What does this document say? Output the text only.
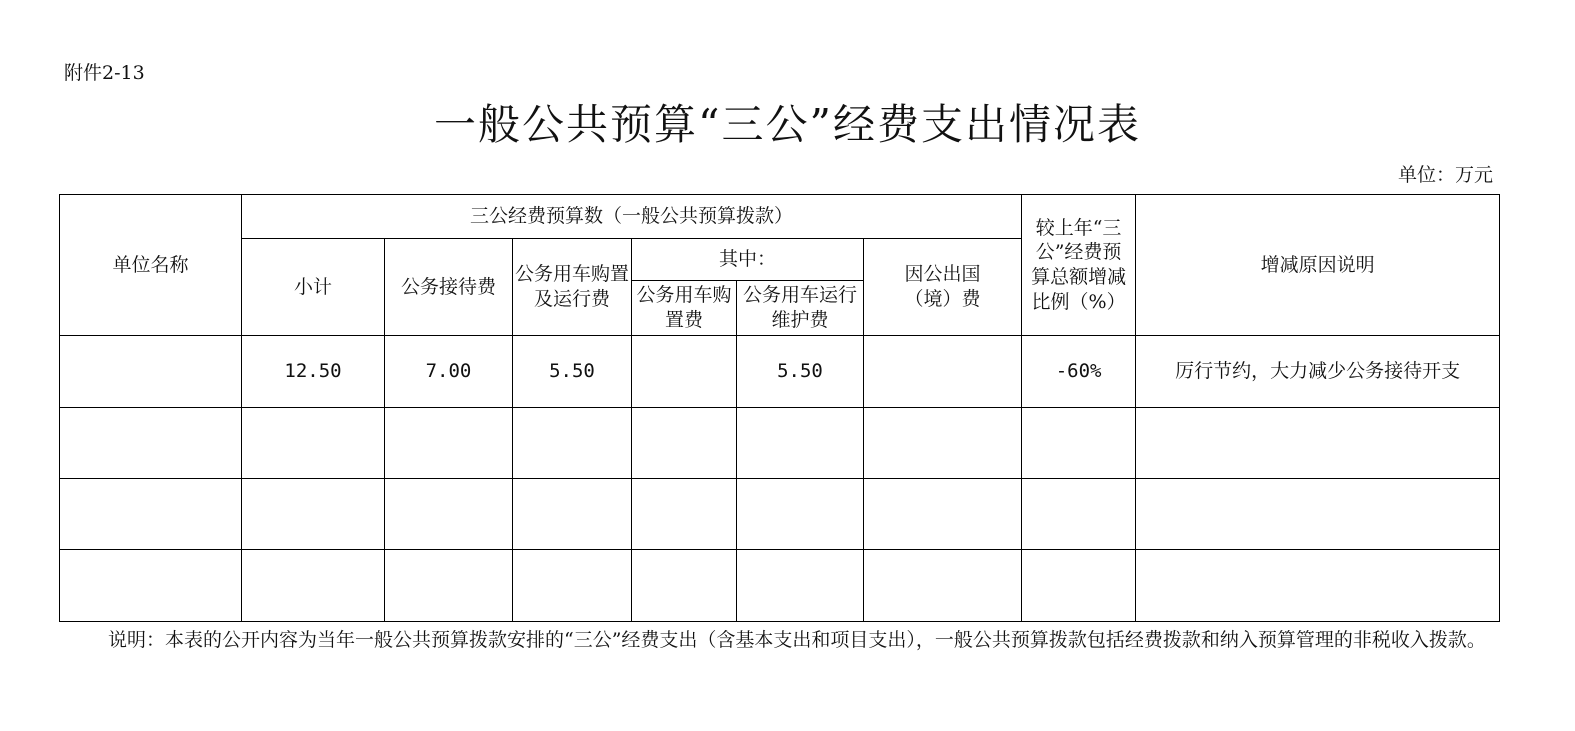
附件2-13
一般公共预算“三公”经费支出情况表
单位：万元
单位名称	三公经费预算数（一般公共预算拨款）						较上年“三公”经费预算总额增减比例（%）	增减原因说明
	小计	公务接待费	公务用车购置及运行费	其中：		因公出国（境）费		
				公务用车购置费	公务用车运行维护费			
	12.50	7.00	5.50		5.50		-60%	厉行节约，大力减少公务接待开支

说明：本表的公开内容为当年一般公共预算拨款安排的“三公”经费支出（含基本支出和项目支出），一般公共预算拨款包括经费拨款和纳入预算管理的非税收入拨款。
